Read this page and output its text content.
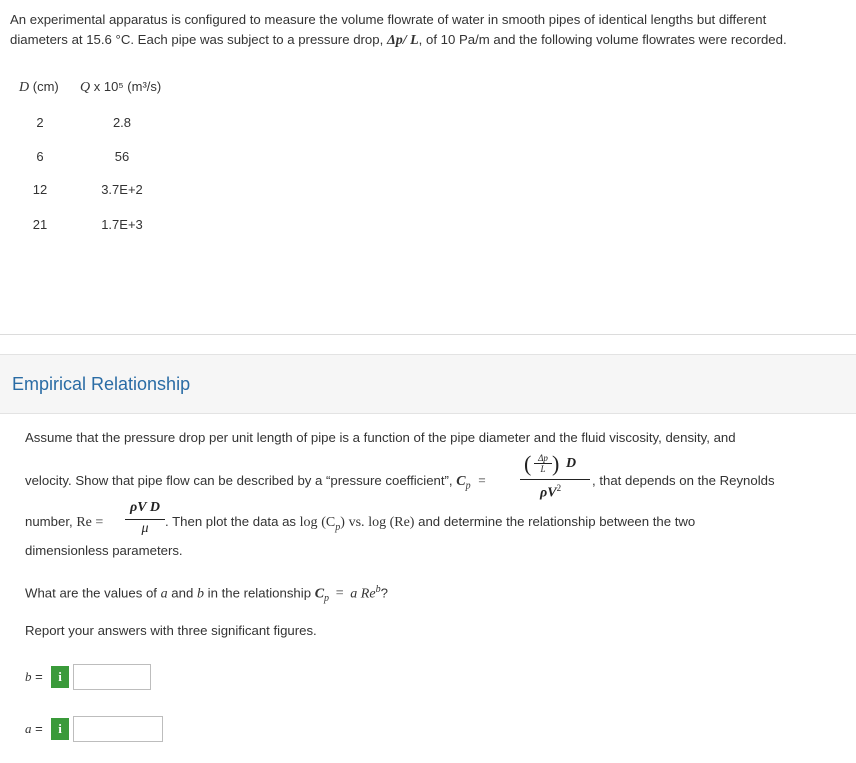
An experimental apparatus is configured to measure the volume flowrate of water in smooth pipes of identical lengths but different
diameters at 15.6 °C. Each pipe was subject to a pressure drop, Δp/ L, of 10 Pa/m and the following volume flowrates were recorded.
D (cm) Q x 10⁵ (m³/s)
2	2.8
6	56
12	3.7E+2
21	1.7E+3
Empirical Relationship
Assume that the pressure drop per unit length of pipe is a function of the pipe diameter and the fluid viscosity, density, and
velocity. Show that pipe flow can be described by a “pressure coefficient”, $C_p$ =
( Δp
L ) D
$\rho V^2$ , that depends on the Reynolds
number, Re =
ρV D
μ	. Then plot the data as $\log (C_p)$ vs. log (Re) and determine the relationship between the two
dimensionless parameters.
What are the values of a and b in the relationship $C_p = a$ Re$^b$?
Report your answers with three significant figures.
b =	i
a =	i
